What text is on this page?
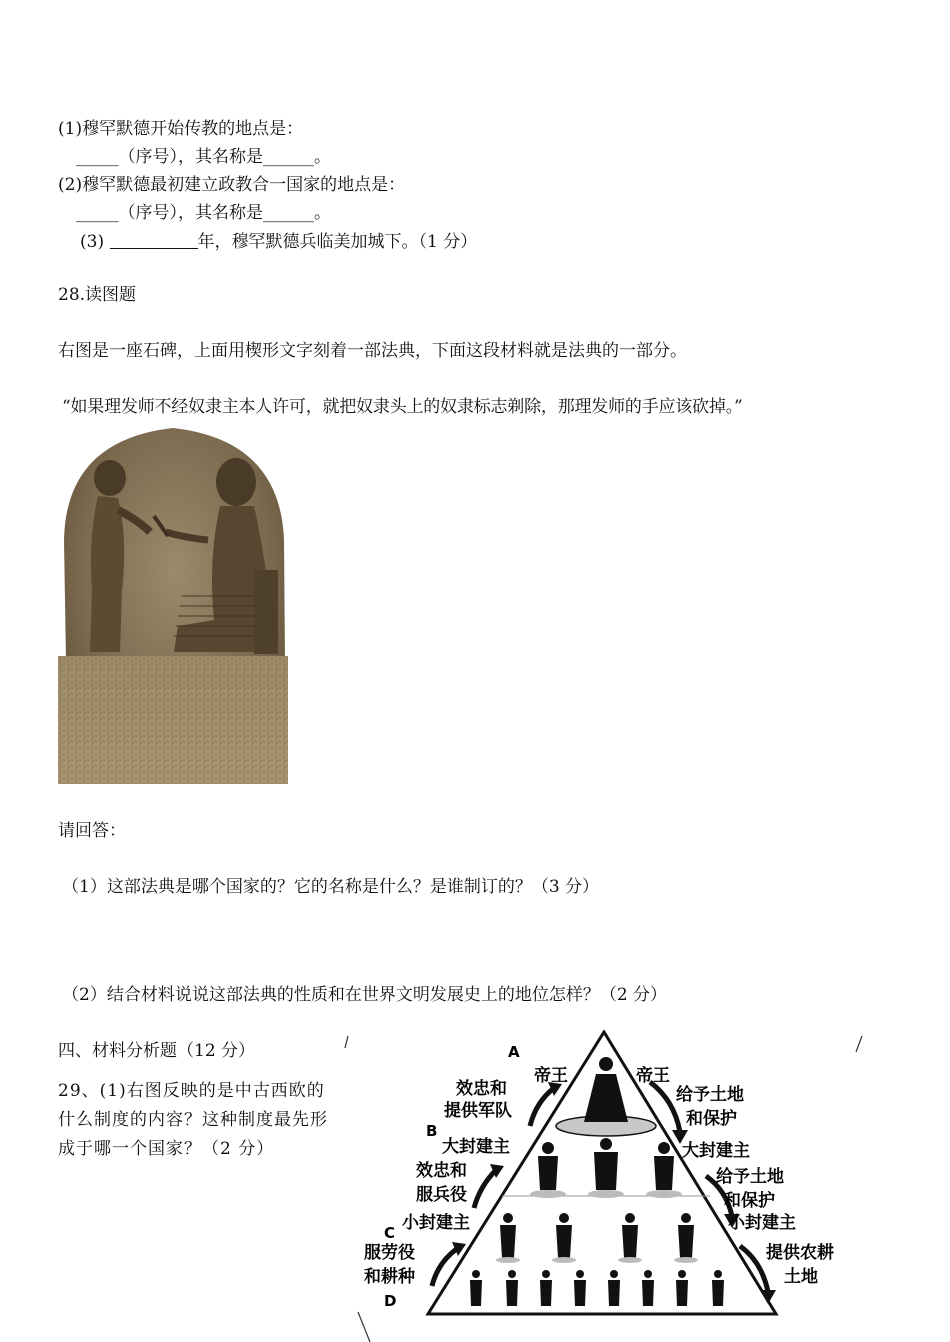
(1)穆罕默德开始传教的地点是：
_____（序号），其名称是______。
(2)穆罕默德最初建立政教合一国家的地点是：
_____（序号），其名称是______。
(3)	年，穆罕默德兵临美加城下。（1 分）
28.读图题
右图是一座石碑，上面用楔形文字刻着一部法典，下面这段材料就是法典的一部分。
“如果理发师不经奴隶主本人许可，就把奴隶头上的奴隶标志剃除，那理发师的手应该砍掉。”
请回答：
（1）这部法典是哪个国家的？它的名称是什么？是谁制订的？（3 分）
（2）结合材料说说这部法典的性质和在世界文明发展史上的地位怎样？（2 分）
四、材料分析题（12 分）
29、(1)右图反映的是中古西欧的什么制度的内容？这种制度最先形成于哪一个国家？（2 分）
A
B
C
D
帝王	帝王
效忠和
提供军队
大封建主
效忠和
服兵役
小封建主
服劳役
和耕种
给予土地
和保护
大封建主
给予土地
和保护
小封建主
提供农耕
土地
